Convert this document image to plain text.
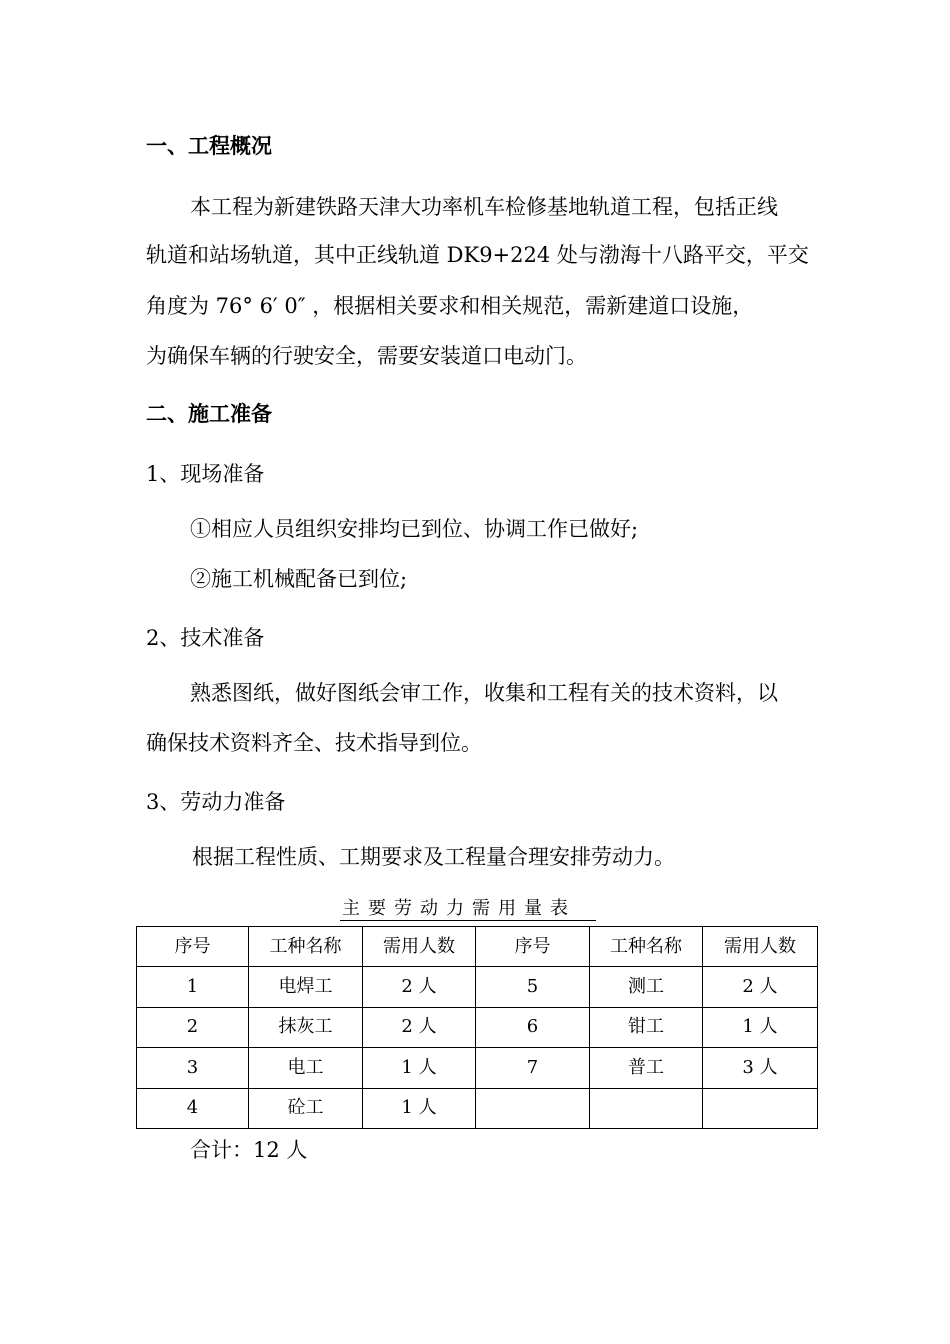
一、工程概况
本工程为新建铁路天津大功率机车检修基地轨道工程，包括正线
轨道和站场轨道，其中正线轨道 DK9+224 处与渤海十八路平交，平交
角度为 76° 6′ 0″ ，根据相关要求和相关规范，需新建道口设施，
为确保车辆的行驶安全，需要安装道口电动门。
二、施工准备
1、现场准备
①相应人员组织安排均已到位、协调工作已做好;
②施工机械配备已到位;
2、技术准备
熟悉图纸，做好图纸会审工作，收集和工程有关的技术资料，以
确保技术资料齐全、技术指导到位。
3、劳动力准备
根据工程性质、工期要求及工程量合理安排劳动力。
主要劳动力需用量表
序号	工种名称	需用人数	序号	工种名称	需用人数
1	电焊工	2 人	5	测工	2 人
2	抹灰工	2 人	6	钳工	1 人
3	电工	1 人	7	普工	3 人
4	砼工	1 人			
合计：12 人
